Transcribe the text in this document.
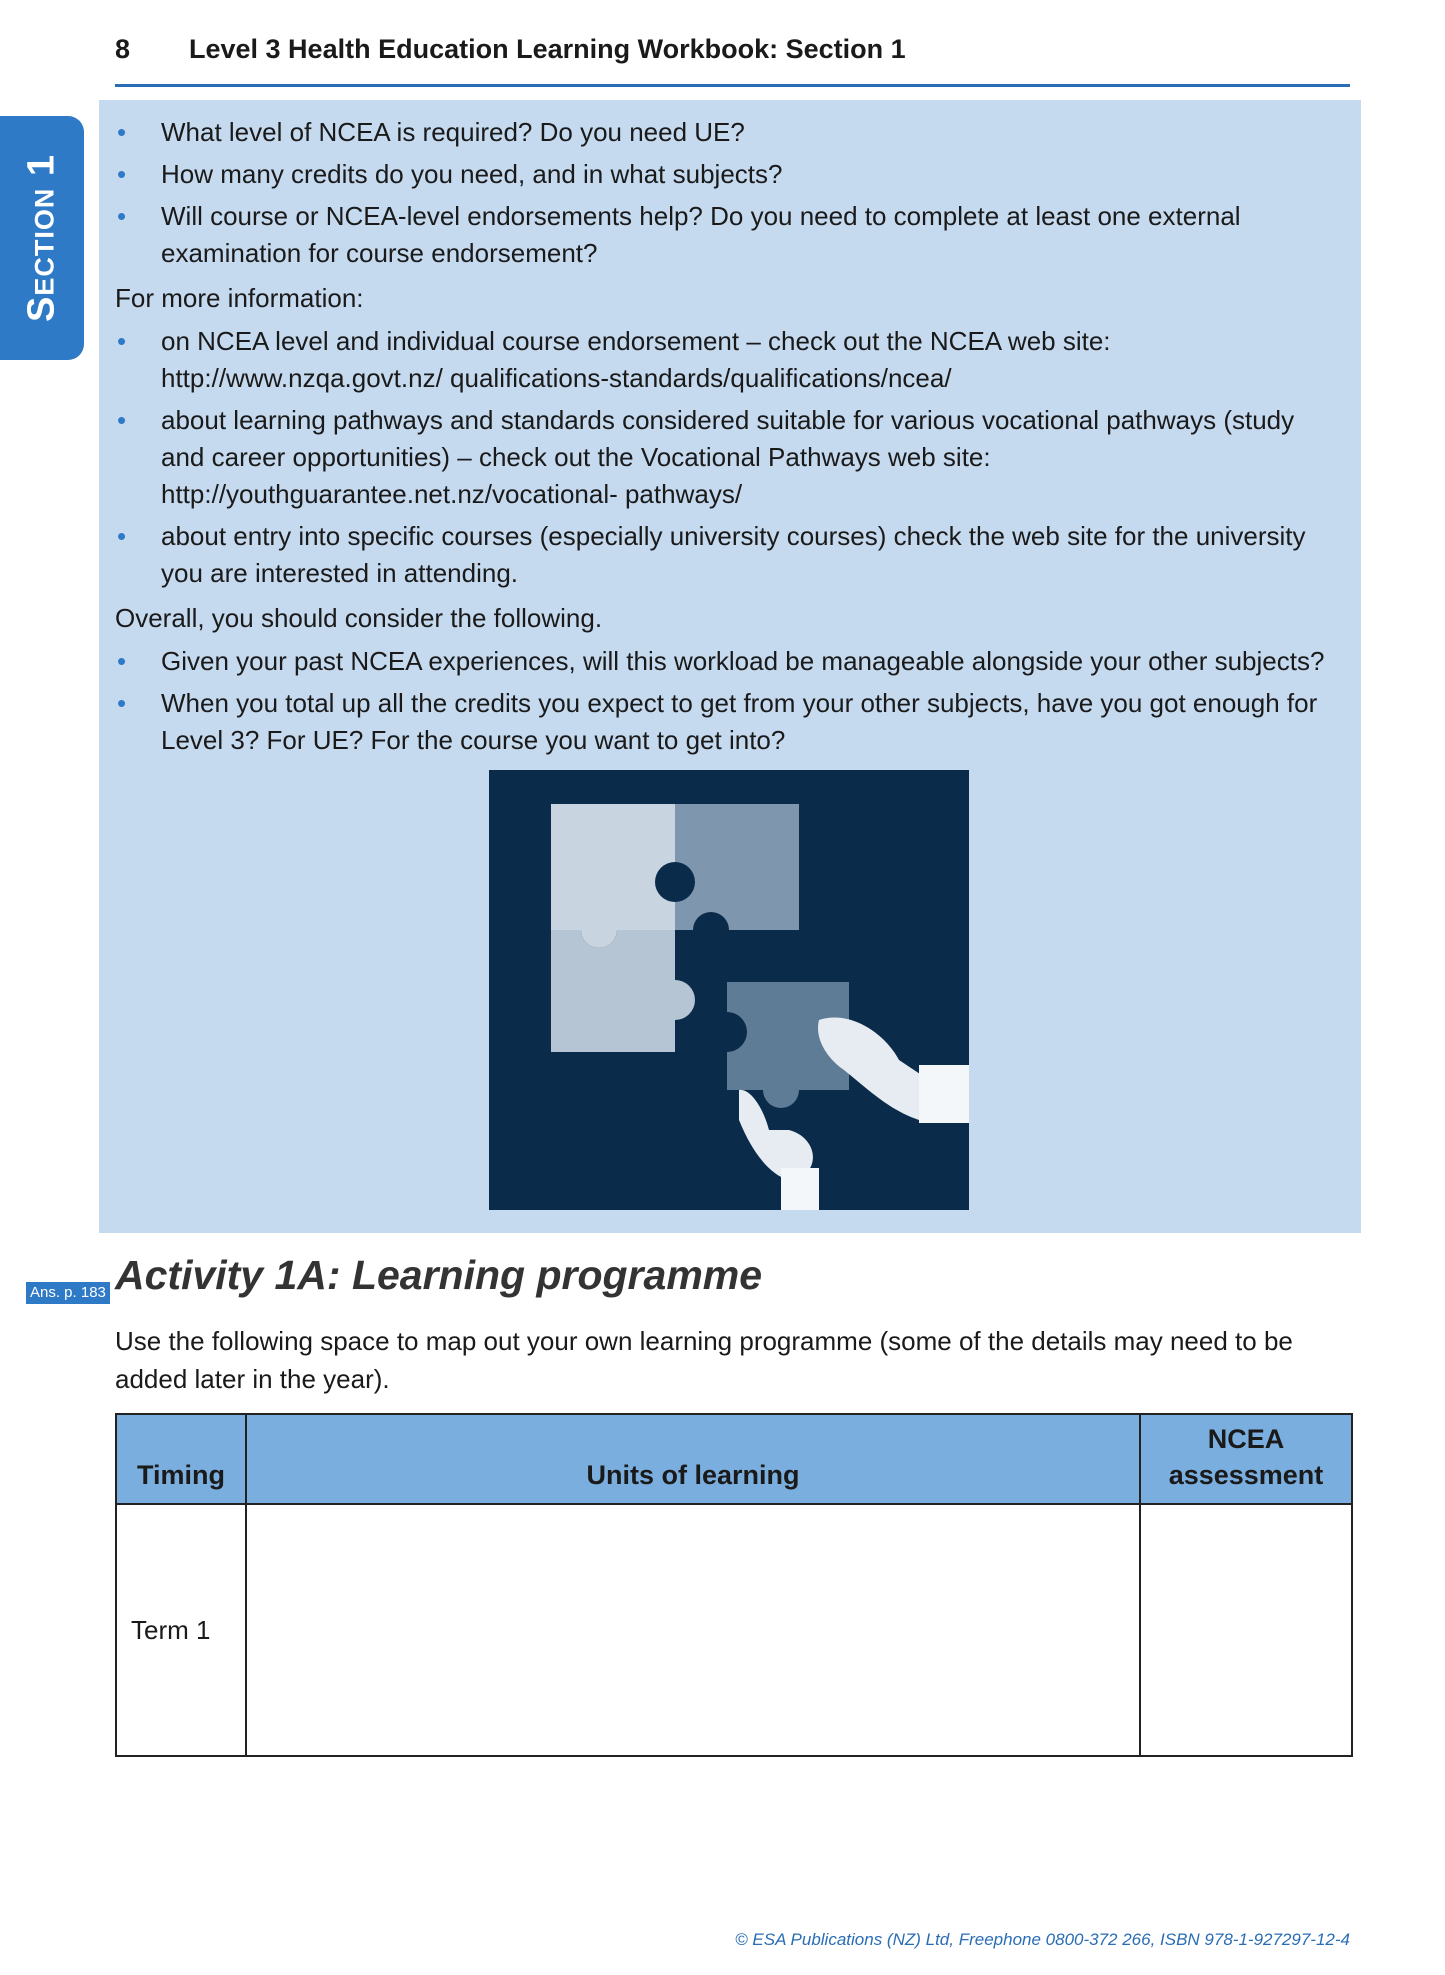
8 Level 3 Health Education Learning Workbook: Section 1
Section 1
• What level of NCEA is required? Do you need UE?
• How many credits do you need, and in what subjects?
• Will course or NCEA-level endorsements help? Do you need to complete at least one external examination for course endorsement?

For more information:

• on NCEA level and individual course endorsement – check out the NCEA web site: http://www.nzqa.govt.nz/ qualifications-standards/qualifications/ncea/
• about learning pathways and standards considered suitable for various vocational pathways (study and career opportunities) – check out the Vocational Pathways web site: http://youthguarantee.net.nz/vocational- pathways/
• about entry into specific courses (especially university courses) check the web site for the university you are interested in attending.

Overall, you should consider the following.

• Given your past NCEA experiences, will this workload be manageable alongside your other subjects?
• When you total up all the credits you expect to get from your other subjects, have you got enough for Level 3? For UE? For the course you want to get into?
Ans. p. 183 Activity 1A: Learning programme
Use the following space to map out your own learning programme (some of the details may need to be added later in the year).
Timing	Units of learning	NCEA assessment
Term 1		
© ESA Publications (NZ) Ltd, Freephone 0800-372 266, ISBN 978-1-927297-12-4
